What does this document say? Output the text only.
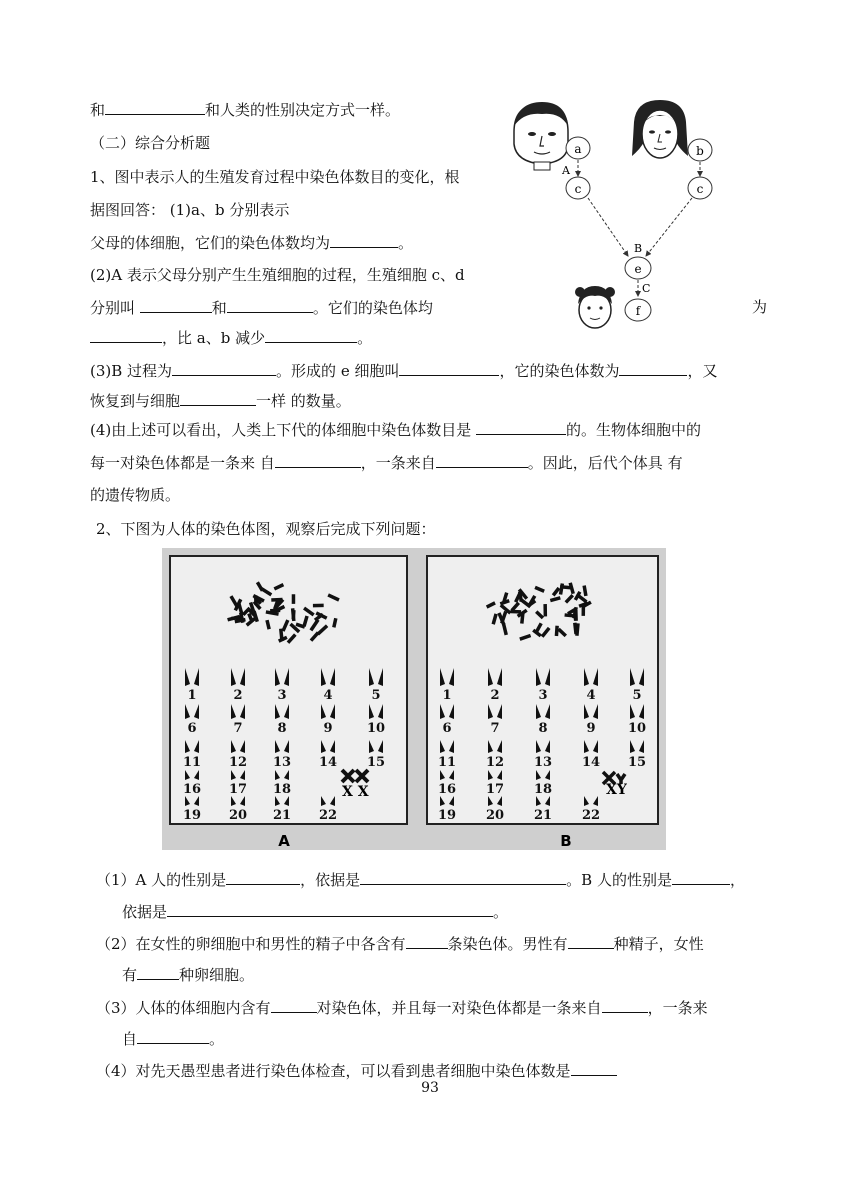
和	和人类的性别决定方式一样。
（二）综合分析题
1、图中表示人的生殖发育过程中染色体数目的变化，根
据图回答： (1)a、b 分别表示
父母的体细胞，它们的染色体数均为	。
(2)A 表示父母分别产生生殖细胞的过程，生殖细胞 c、d
分别叫	和	。它们的染色体均	为
，比 a、b 减少	。
(3)B 过程为	。形成的 e 细胞叫	，它的染色体数为	，又
恢复到与细胞	一样 的数量。
(4)由上述可以看出，人类上下代的体细胞中染色体数目是	的。生物体细胞中的
每一对染色体都是一条来 自	，一条来自	。因此，后代个体具 有
的遗传物质。
2、下图为人体的染色体图，观察后完成下列问题：
a
c
b
c
e
f
A
B
C
1	2	3	4	5
6	7	8	9	10
11 12 13 14 15
16 17 18
19 20 21 22
1	2	3	4	5
6	7	8	9 10
11 12 13 14 15
16 17 18
19 20 21 22
A	B
X X	XY
（1）A 人的性别是	，依据是	。B 人的性别是	，
依据是	。
（2）在女性的卵细胞中和男性的精子中各含有	条染色体。男性有	种精子，女性
有	种卵细胞。
（3）人体的体细胞内含有	对染色体，并且每一对染色体都是一条来自	，一条来
自	。
（4）对先天愚型患者进行染色体检查，可以看到患者细胞中染色体数是
93
